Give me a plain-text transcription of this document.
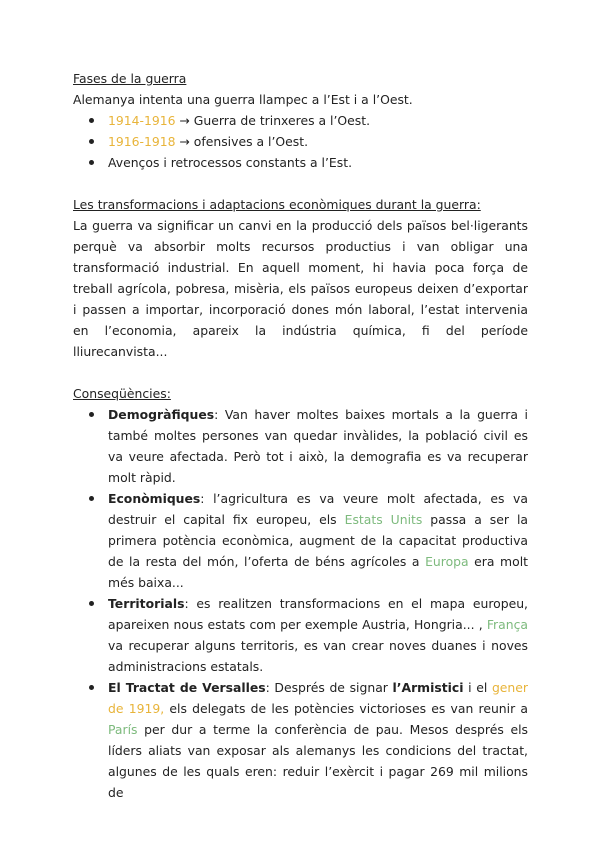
Fases de la guerra

Alemanya intenta una guerra llampec a l’Est i a l’Oest.

1914-1916 → Guerra de trinxeres a l’Oest.
1916-1918 → ofensives a l’Oest.
Avenços i retrocessos constants a l’Est.

Les transformacions i adaptacions econòmiques durant la guerra:

La guerra va significar un canvi en la producció dels països bel·ligerants perquè va absorbir molts recursos productius i van obligar una transformació industrial. En aquell moment, hi havia poca força de treball agrícola, pobresa, misèria, els països europeus deixen d’exportar i passen a importar, incorporació dones món laboral, l’estat intervenia en l’economia, apareix la indústria química, fi del període lliurecanvista...

Conseqüències:

Demogràfiques: Van haver moltes baixes mortals a la guerra i també moltes persones van quedar invàlides, la població civil es va veure afectada. Però tot i això, la demografia es va recuperar molt ràpid.
Econòmiques: l’agricultura es va veure molt afectada, es va destruir el capital fix europeu, els Estats Units passa a ser la primera potència econòmica, augment de la capacitat productiva de la resta del món, l’oferta de béns agrícoles a Europa era molt més baixa...
Territorials: es realitzen transformacions en el mapa europeu, apareixen nous estats com per exemple Austria, Hongria... , França va recuperar alguns territoris, es van crear noves duanes i noves administracions estatals.
El Tractat de Versalles: Després de signar l’Armistici i el gener de 1919, els delegats de les potències victorioses es van reunir a París per dur a terme la conferència de pau. Mesos després els líders aliats van exposar als alemanys les condicions del tractat, algunes de les quals eren: reduir l’exèrcit i pagar 269 mil milions de
